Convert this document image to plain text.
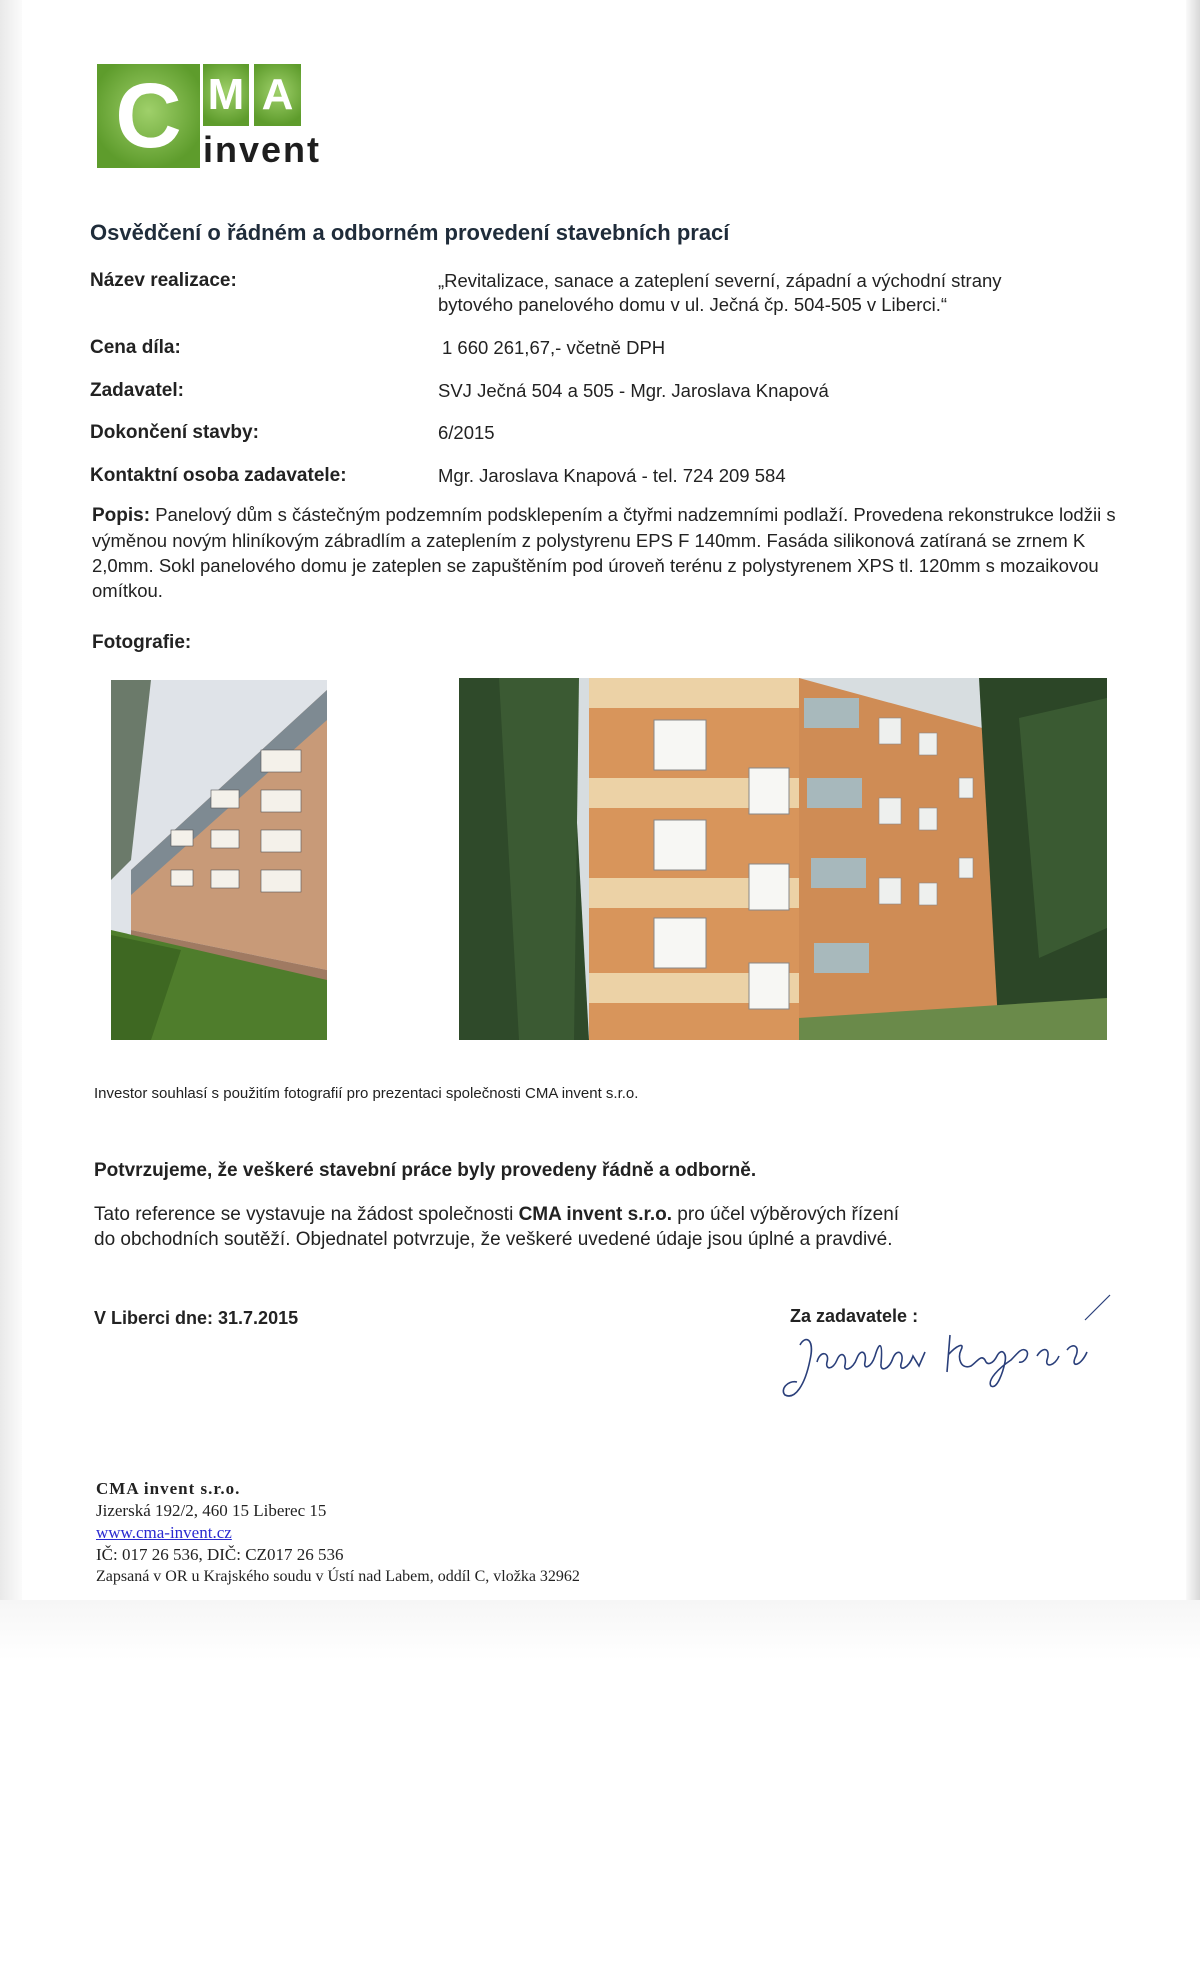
C M A
invent
Osvědčení o řádném a odborném provedení stavebních prací
Název realizace:	„Revitalizace, sanace a zateplení severní, západní a východní strany
bytového panelového domu v ul. Ječná čp. 504-505 v Liberci.“
Cena díla:	1 660 261,67,- včetně DPH
Zadavatel:	SVJ Ječná 504 a 505 - Mgr. Jaroslava Knapová
Dokončení stavby:	6/2015
Kontaktní osoba zadavatele:	Mgr. Jaroslava Knapová - tel. 724 209 584
Popis: Panelový dům s částečným podzemním podsklepením a čtyřmi nadzemními podlaží. Provedena rekonstrukce lodžii s výměnou novým hliníkovým zábradlím a zateplením z polystyrenu EPS F 140mm. Fasáda silikonová zatíraná se zrnem K 2,0mm. Sokl panelového domu je zateplen se zapuštěním pod úroveň terénu z polystyrenem XPS tl. 120mm s mozaikovou omítkou.
Fotografie:
Investor souhlasí s použitím fotografií pro prezentaci společnosti CMA invent s.r.o.
Potvrzujeme, že veškeré stavební práce byly provedeny řádně a odborně.
Tato reference se vystavuje na žádost společnosti CMA invent s.r.o. pro účel výběrových řízení
do obchodních soutěží. Objednatel potvrzuje, že veškeré uvedené údaje jsou úplné a pravdivé.
V Liberci dne: 31.7.2015	Za zadavatele :
CMA invent s.r.o.
Jizerská 192/2, 460 15 Liberec 15
www.cma-invent.cz
IČ: 017 26 536, DIČ: CZ017 26 536
Zapsaná v OR u Krajského soudu v Ústí nad Labem, oddíl C, vložka 32962
